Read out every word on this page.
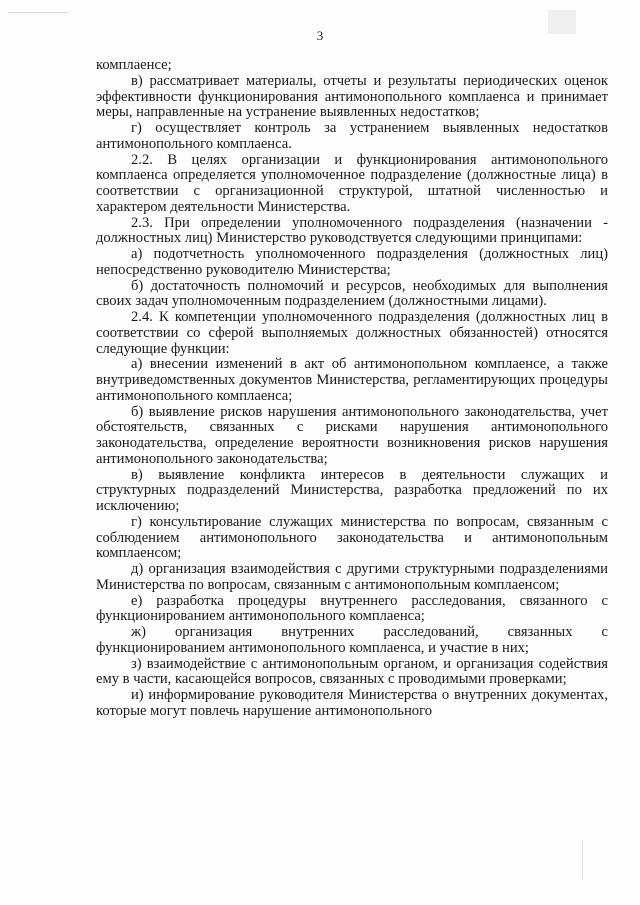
3

комплаенсе;

в) рассматривает материалы, отчеты и результаты периодических оценок эффективности функционирования антимонопольного комплаенса и принимает меры, направленные на устранение выявленных недостатков;

г) осуществляет контроль за устранением выявленных недостатков антимонопольного комплаенса.

2.2. В целях организации и функционирования антимонопольного комплаенса определяется уполномоченное подразделение (должностные лица) в соответствии с организационной структурой, штатной численностью и характером деятельности Министерства.

2.3. При определении уполномоченного подразделения (назначении - должностных лиц) Министерство руководствуется следующими принципами:

а) подотчетность уполномоченного подразделения (должностных лиц) непосредственно руководителю Министерства;

б) достаточность полномочий и ресурсов, необходимых для выполнения своих задач уполномоченным подразделением (должностными лицами).

2.4. К компетенции уполномоченного подразделения (должностных лиц в соответствии со сферой выполняемых должностных обязанностей) относятся следующие функции:

а) внесении изменений в акт об антимонопольном комплаенсе, а также внутриведомственных документов Министерства, регламентирующих процедуры антимонопольного комплаенса;

б) выявление рисков нарушения антимонопольного законодательства, учет обстоятельств, связанных с рисками нарушения антимонопольного законодательства, определение вероятности возникновения рисков нарушения антимонопольного законодательства;

в) выявление конфликта интересов в деятельности служащих и структурных подразделений Министерства, разработка предложений по их исключению;

г) консультирование служащих министерства по вопросам, связанным с соблюдением антимонопольного законодательства и антимонопольным комплаенсом;

д) организация взаимодействия с другими структурными подразделениями Министерства по вопросам, связанным с антимонопольным комплаенсом;

е) разработка процедуры внутреннего расследования, связанного с функционированием антимонопольного комплаенса;

ж) организация внутренних расследований, связанных с функционированием антимонопольного комплаенса, и участие в них;

з) взаимодействие с антимонопольным органом, и организация содействия ему в части, касающейся вопросов, связанных с проводимыми проверками;

и) информирование руководителя Министерства о внутренних документах, которые могут повлечь нарушение антимонопольного
